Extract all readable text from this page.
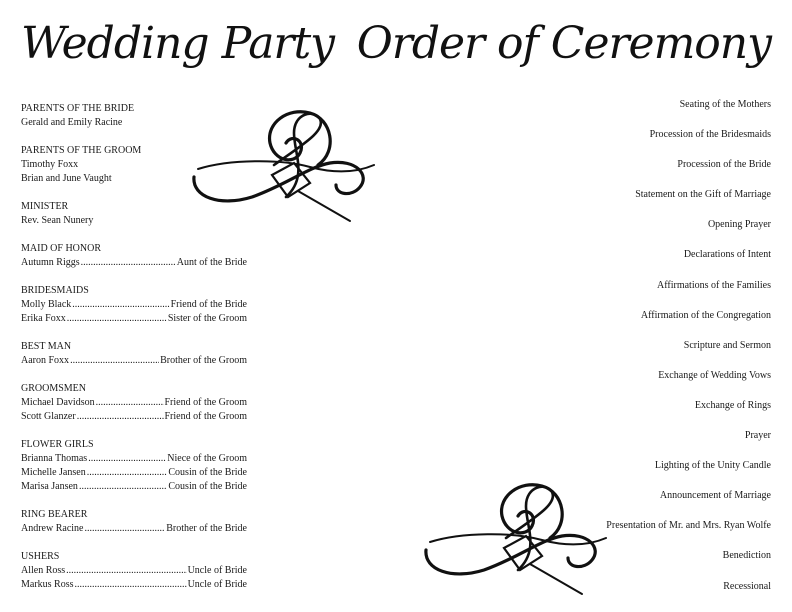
Wedding Party Order of Ceremony
PARENTS OF THE BRIDE
Gerald and Emily Racine
PARENTS OF THE GROOM
Timothy Foxx
Brian and June Vaught
MINISTER
Rev. Sean Nunery
MAID OF HONOR
Autumn Riggs .....	Aunt of the Bride
BRIDESMAIDS
Molly Black .....	Friend of the Bride
Erika Foxx .....	Sister of the Groom
BEST MAN
Aaron Foxx .....	Brother of the Groom
GROOMSMEN
Michael Davidson .....	Friend of the Groom
Scott Glanzer .....	Friend of the Groom
FLOWER GIRLS
Brianna Thomas .....	Niece of the Groom
Michelle Jansen .....	Cousin of the Bride
Marisa Jansen .....	Cousin of the Bride
RING BEARER
Andrew Racine .....	Brother of the Bride
USHERS
Allen Ross .....	Uncle of Bride
Markus Ross .....	Uncle of Bride
Seating of the Mothers
Procession of the Bridesmaids
Procession of the Bride
Statement on the Gift of Marriage
Opening Prayer
Declarations of Intent
Affirmations of the Families
Affirmation of the Congregation
Scripture and Sermon
Exchange of Wedding Vows
Exchange of Rings
Prayer
Lighting of the Unity Candle
Announcement of Marriage
Presentation of Mr. and Mrs. Ryan Wolfe
Benediction
Recessional
